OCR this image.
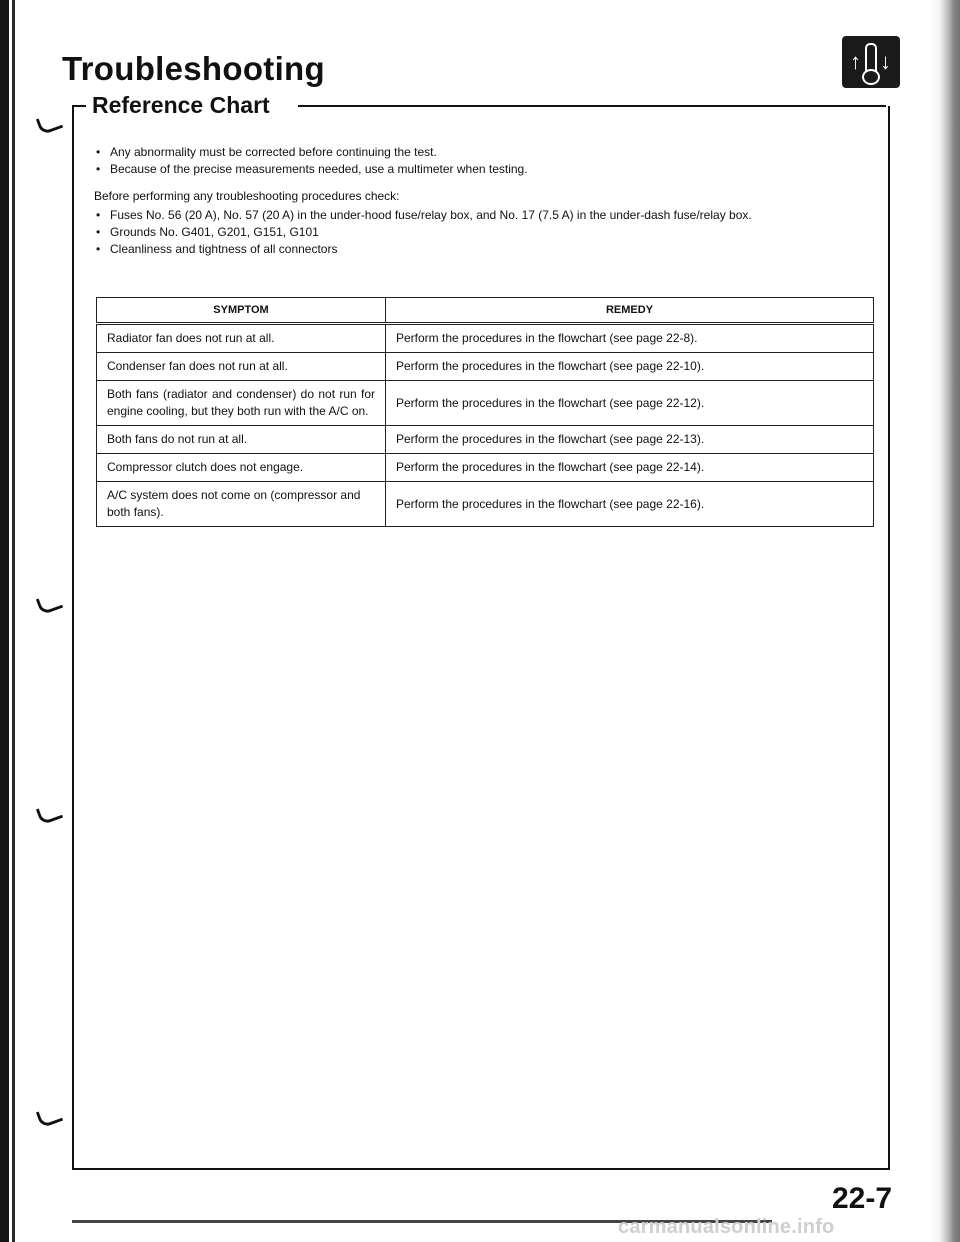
Troubleshooting	↑ ↓
Reference Chart
• Any abnormality must be corrected before continuing the test.
• Because of the precise measurements needed, use a multimeter when testing.
Before performing any troubleshooting procedures check:
• Fuses No. 56 (20 A), No. 57 (20 A) in the under-hood fuse/relay box, and No. 17 (7.5 A) in the under-dash fuse/relay box.
• Grounds No. G401, G201, G151, G101
• Cleanliness and tightness of all connectors
SYMPTOM	REMEDY
Radiator fan does not run at all.	Perform the procedures in the flowchart (see page 22-8).
Condenser fan does not run at all.	Perform the procedures in the flowchart (see page 22-10).
Both fans (radiator and condenser) do not run for engine cooling, but they both run with the A/C on.	Perform the procedures in the flowchart (see page 22-12).
Both fans do not run at all.	Perform the procedures in the flowchart (see page 22-13).
Compressor clutch does not engage.	Perform the procedures in the flowchart (see page 22-14).
A/C system does not come on (compressor and both fans).	Perform the procedures in the flowchart (see page 22-16).
22-7
carmanualsonline.info
